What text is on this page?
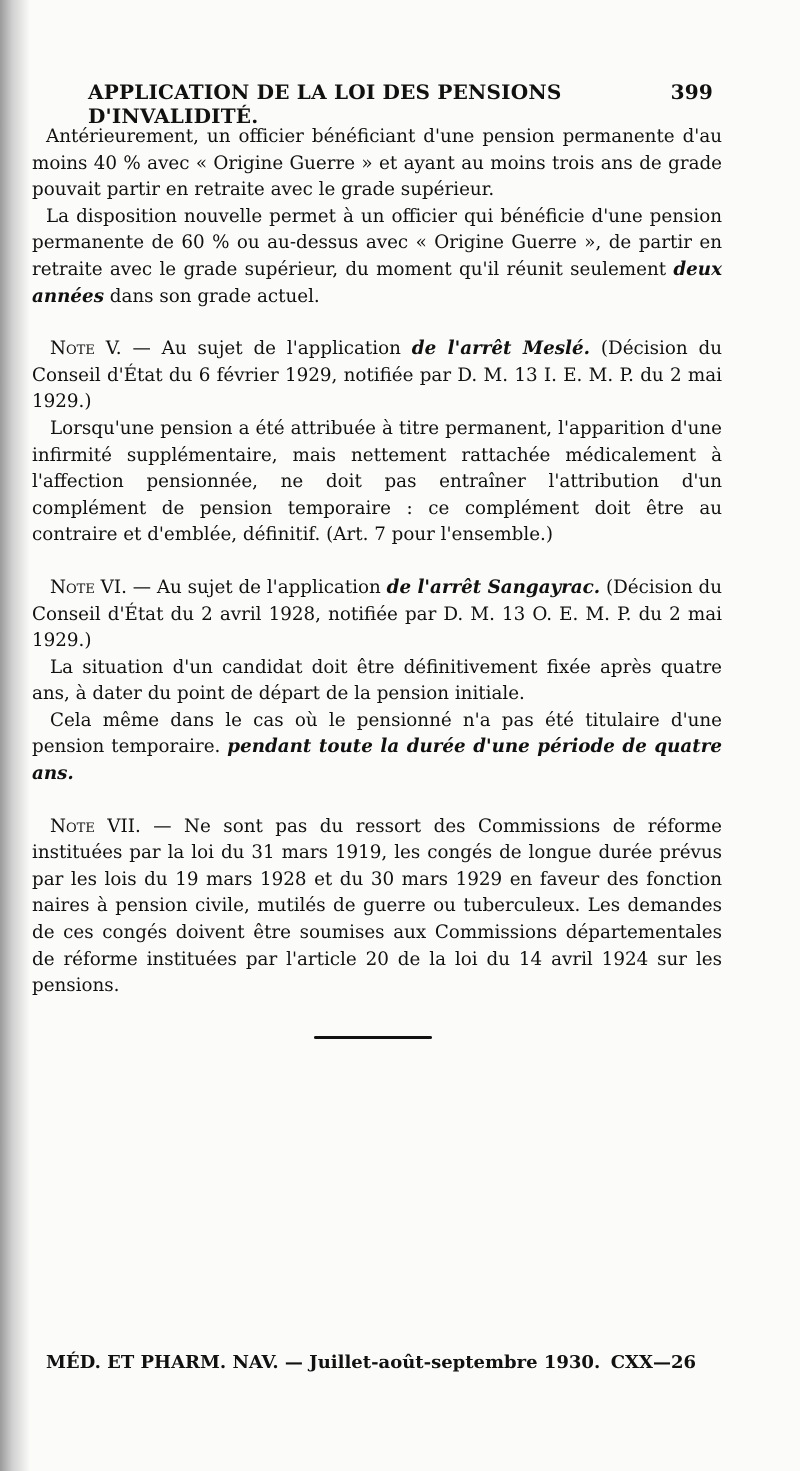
APPLICATION DE LA LOI DES PENSIONS D'INVALIDITÉ.
399

Antérieurement, un officier bénéficiant d'une pension permanente d'au moins 40 % avec « Origine Guerre » et ayant au moins trois ans de grade pouvait partir en retraite avec le grade supérieur.

La disposition nouvelle permet à un officier qui bénéficie d'une pension permanente de 60 % ou au-dessus avec « Origine Guerre », de partir en retraite avec le grade supérieur, du moment qu'il réunit seulement deux années dans son grade actuel.

Note V. — Au sujet de l'application de l'arrêt Meslé. (Décision du Conseil d'État du 6 février 1929, notifiée par D. M. 13 I. E. M. P. du 2 mai 1929.)

Lorsqu'une pension a été attribuée à titre permanent, l'apparition d'une infirmité supplémentaire, mais nettement rattachée médicalement à l'affection pensionnée, ne doit pas entraîner l'attribution d'un complément de pension temporaire : ce complément doit être au contraire et d'emblée, définitif. (Art. 7 pour l'ensemble.)

Note VI. — Au sujet de l'application de l'arrêt Sangayrac. (Décision du Conseil d'État du 2 avril 1928, notifiée par D. M. 13 O. E. M. P. du 2 mai 1929.)

La situation d'un candidat doit être définitivement fixée après quatre ans, à dater du point de départ de la pension initiale.

Cela même dans le cas où le pensionné n'a pas été titulaire d'une pension temporaire. pendant toute la durée d'une période de quatre ans.

Note VII. — Ne sont pas du ressort des Commissions de réforme instituées par la loi du 31 mars 1919, les congés de longue durée prévus par les lois du 19 mars 1928 et du 30 mars 1929 en faveur des fonction naires à pension civile, mutilés de guerre ou tuberculeux. Les demandes de ces congés doivent être soumises aux Commissions départementales de réforme instituées par l'article 20 de la loi du 14 avril 1924 sur les pensions.

MÉD. ET PHARM. NAV. — Juillet-août-septembre 1930. CXX—26
